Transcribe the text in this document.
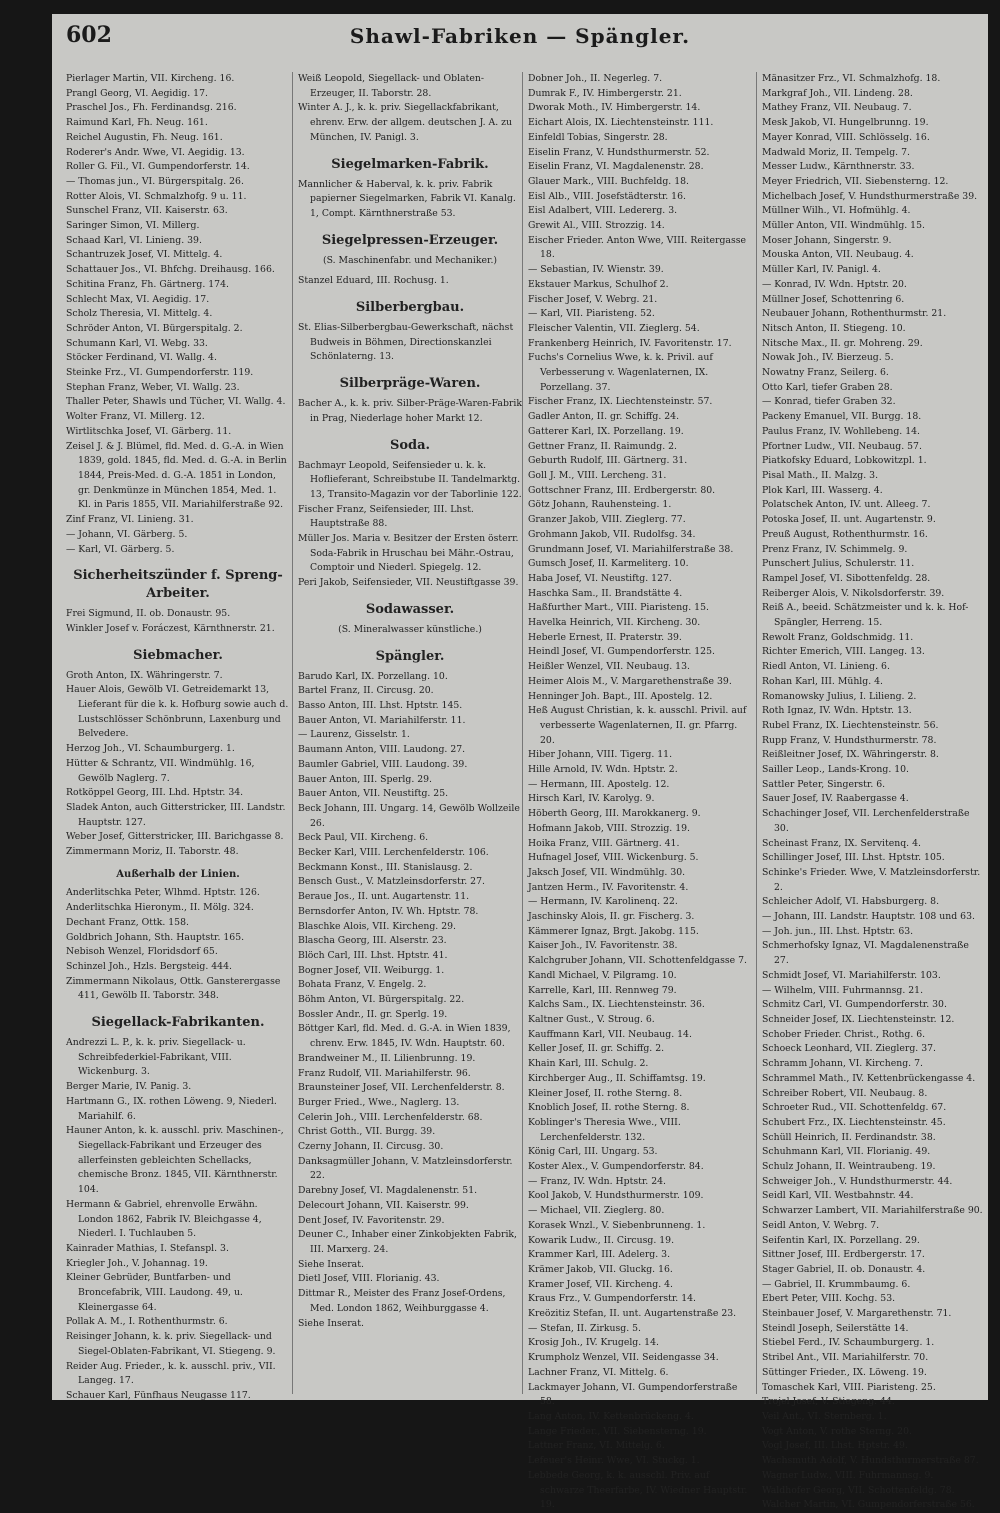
602	Shawl-Fabriken — Spängler.
Pierlager Martin, VII. Kircheng. 16.
Prangl Georg, VI. Aegidig. 17.
Praschel Jos., Fh. Ferdinandsg. 216.
Raimund Karl, Fh. Neug. 161.
Reichel Augustin, Fh. Neug. 161.
Roderer's Andr. Wwe, VI. Aegidig. 13.
Roller G. Fil., VI. Gumpendorferstr. 14.
— Thomas jun., VI. Bürgerspitalg. 26.
Rotter Alois, VI. Schmalzhofg. 9 u. 11.
Sunschel Franz, VII. Kaiserstr. 63.
Saringer Simon, VI. Millerg.
Schaad Karl, VI. Linieng. 39.
Schantruzek Josef, VI. Mittelg. 4.
Schattauer Jos., VI. Bhfchg. Dreihausg. 166.
Schitina Franz, Fh. Gärtnerg. 174.
Schlecht Max, VI. Aegidig. 17.
Scholz Theresia, VI. Mittelg. 4.
Schröder Anton, VI. Bürgerspitalg. 2.
Schumann Karl, VI. Webg. 33.
Stöcker Ferdinand, VI. Wallg. 4.
Steinke Frz., VI. Gumpendorferstr. 119.
Stephan Franz, Weber, VI. Wallg. 23.
Thaller Peter, Shawls und Tücher, VI. Wallg. 4.
Wolter Franz, VI. Millerg. 12.
Wirtlitschka Josef, VI. Gärberg. 11.
Zeisel J. & J. Blümel, fld. Med. d. G.-A. in Wien 1839, gold. 1845, fld. Med. d. G.-A. in Berlin 1844, Preis-Med. d. G.-A. 1851 in London, gr. Denkmünze in München 1854, Med. 1. Kl. in Paris 1855, VII. Mariahilferstraße 92.
Zinf Franz, VI. Linieng. 31.
— Johann, VI. Gärberg. 5.
— Karl, VI. Gärberg. 5.
Sicherheitszünder f. Spreng-Arbeiter.
Frei Sigmund, II. ob. Donaustr. 95.
Winkler Josef v. Foráczest, Kärnthnerstr. 21.
Siebmacher.
Groth Anton, IX. Währingerstr. 7.
Hauer Alois, Gewölb VI. Getreidemarkt 13, Lieferant für die k. k. Hofburg sowie auch d. Lustschlösser Schönbrunn, Laxenburg und Belvedere.
Herzog Joh., VI. Schaumburgerg. 1.
Hütter & Schrantz, VII. Windmühlg. 16, Gewölb Naglerg. 7.
Rotköppel Georg, III. Lhd. Hptstr. 34.
Sladek Anton, auch Gitterstricker, III. Landstr. Hauptstr. 127.
Weber Josef, Gitterstricker, III. Barichgasse 8.
Zimmermann Moriz, II. Taborstr. 48.
Außerhalb der Linien.
Anderlitschka Peter, Wlhmd. Hptstr. 126.
Anderlitschka Hieronym., II. Mölg. 324.
Dechant Franz, Ottk. 158.
Goldbrich Johann, Sth. Hauptstr. 165.
Nebisoh Wenzel, Floridsdorf 65.
Schinzel Joh., Hzls. Bergsteig. 444.
Zimmermann Nikolaus, Ottk. Gansterergasse 411, Gewölb II. Taborstr. 348.
Siegellack-Fabrikanten.
Andrezzi L. P., k. k. priv. Siegellack- u. Schreibfederkiel-Fabrikant, VIII. Wickenburg. 3.
Berger Marie, IV. Panig. 3.
Hartmann G., IX. rothen Löweng. 9, Niederl. Mariahilf. 6.
Hauner Anton, k. k. ausschl. priv. Maschinen-, Siegellack-Fabrikant und Erzeuger des allerfeinsten gebleichten Schellacks, chemische Bronz. 1845, VII. Kärnthnerstr. 104.
Hermann & Gabriel, ehrenvolle Erwähn. London 1862, Fabrik IV. Bleichgasse 4, Niederl. I. Tuchlauben 5.
Kainrader Mathias, I. Stefanspl. 3.
Kriegler Joh., V. Johannag. 19.
Kleiner Gebrüder, Buntfarben- und Broncefabrik, VIII. Laudong. 49, u. Kleinergasse 64.
Pollak A. M., I. Rothenthurmstr. 6.
Reisinger Johann, k. k. priv. Siegellack- und Siegel-Oblaten-Fabrikant, VI. Stiegeng. 9.
Reider Aug. Frieder., k. k. ausschl. priv., VII. Langeg. 17.
Schauer Karl, Fünfhaus Neugasse 117.
Weiß Leopold, Siegellack- und Oblaten-Erzeuger, II. Taborstr. 28.
Winter A. J., k. k. priv. Siegellackfabrikant, ehrenv. Erw. der allgem. deutschen J. A. zu München, IV. Panigl. 3.
Siegelmarken-Fabrik.
Mannlicher & Haberval, k. k. priv. Fabrik papierner Siegelmarken, Fabrik VI. Kanalg. 1, Compt. Kärnthnerstraße 53.
Siegelpressen-Erzeuger.
(S. Maschinenfabr. und Mechaniker.)
Stanzel Eduard, III. Rochusg. 1.
Silberbergbau.
St. Elias-Silberbergbau-Gewerkschaft, nächst Budweis in Böhmen, Directionskanzlei Schönlaterng. 13.
Silberpräge-Waren.
Bacher A., k. k. priv. Silber-Präge-Waren-Fabrik in Prag, Niederlage hoher Markt 12.
Soda.
Bachmayr Leopold, Seifensieder u. k. k. Hoflieferant, Schreibstube II. Tandelmarktg. 13, Transito-Magazin vor der Taborlinie 122.
Fischer Franz, Seifensieder, III. Lhst. Hauptstraße 88.
Müller Jos. Maria v. Besitzer der Ersten österr. Soda-Fabrik in Hruschau bei Mähr.-Ostrau, Comptoir und Niederl. Spiegelg. 12.
Peri Jakob, Seifensieder, VII. Neustiftgasse 39.
Sodawasser.
(S. Mineralwasser künstliche.)
Spängler.
Barudo Karl, IX. Porzellang. 10.
Bartel Franz, II. Circusg. 20.
Basso Anton, III. Lhst. Hptstr. 145.
Bauer Anton, VI. Mariahilferstr. 11.
— Laurenz, Gisselstr. 1.
Baumann Anton, VIII. Laudong. 27.
Baumler Gabriel, VIII. Laudong. 39.
Bauer Anton, III. Sperlg. 29.
Bauer Anton, VII. Neustiftg. 25.
Beck Johann, III. Ungarg. 14, Gewölb Wollzeile 26.
Beck Paul, VII. Kircheng. 6.
Becker Karl, VIII. Lerchenfelderstr. 106.
Beckmann Konst., III. Stanislausg. 2.
Bensch Gust., V. Matzleinsdorferstr. 27.
Beraue Jos., II. unt. Augartenstr. 11.
Bernsdorfer Anton, IV. Wh. Hptstr. 78.
Blaschke Alois, VII. Kircheng. 29.
Blascha Georg, III. Alserstr. 23.
Blöch Carl, III. Lhst. Hptstr. 41.
Bogner Josef, VII. Weiburgg. 1.
Bohata Franz, V. Engelg. 2.
Böhm Anton, VI. Bürgerspitalg. 22.
Bossler Andr., II. gr. Sperlg. 19.
Böttger Karl, fld. Med. d. G.-A. in Wien 1839, chrenv. Erw. 1845, IV. Wdn. Hauptstr. 60.
Brandweiner M., II. Lilienbrunng. 19.
Franz Rudolf, VII. Mariahilferstr. 96.
Braunsteiner Josef, VII. Lerchenfelderstr. 8.
Burger Fried., Wwe., Naglerg. 13.
Celerin Joh., VIII. Lerchenfelderstr. 68.
Christ Gotth., VII. Burgg. 39.
Czerny Johann, II. Circusg. 30.
Danksagmüller Johann, V. Matzleinsdorferstr. 22.
Darebny Josef, VI. Magdalenenstr. 51.
Delecourt Johann, VII. Kaiserstr. 99.
Dent Josef, IV. Favoritenstr. 29.
Deuner C., Inhaber einer Zinkobjekten Fabrik, III. Marxerg. 24.
Siehe Inserat.
Dietl Josef, VIII. Florianig. 43.
Dittmar R., Meister des Franz Josef-Ordens, Med. London 1862, Weihburggasse 4.
Siehe Inserat.
Dobner Joh., II. Negerleg. 7.
Dumrak F., IV. Himbergerstr. 21.
Dworak Moth., IV. Himbergerstr. 14.
Eichart Alois, IX. Liechtensteinstr. 111.
Einfeldl Tobias, Singerstr. 28.
Eiselin Franz, V. Hundsthurmerstr. 52.
Eiselin Franz, VI. Magdalenenstr. 28.
Glauer Mark., VIII. Buchfeldg. 18.
Eisl Alb., VIII. Josefstädterstr. 16.
Eisl Adalbert, VIII. Ledererg. 3.
Grewit Al., VIII. Strozzig. 14.
Eischer Frieder. Anton Wwe, VIII. Reitergasse 18.
— Sebastian, IV. Wienstr. 39.
Ekstauer Markus, Schulhof 2.
Fischer Josef, V. Webrg. 21.
— Karl, VII. Piaristeng. 52.
Fleischer Valentin, VII. Zieglerg. 54.
Frankenberg Heinrich, IV. Favoritenstr. 17.
Fuchs's Cornelius Wwe, k. k. Privil. auf Verbesserung v. Wagenlaternen, IX. Porzellang. 37.
Fischer Franz, IX. Liechtensteinstr. 57.
Gadler Anton, II. gr. Schiffg. 24.
Gatterer Karl, IX. Porzellang. 19.
Gettner Franz, II. Raimundg. 2.
Geburth Rudolf, III. Gärtnerg. 31.
Goll J. M., VIII. Lercheng. 31.
Gottschner Franz, III. Erdbergerstr. 80.
Götz Johann, Rauhensteing. 1.
Granzer Jakob, VIII. Zieglerg. 77.
Grohmann Jakob, VII. Rudolfsg. 34.
Grundmann Josef, VI. Mariahilferstraße 38.
Gumsch Josef, II. Karmeliterg. 10.
Haba Josef, VI. Neustiftg. 127.
Haschka Sam., II. Brandstätte 4.
Haßfurther Mart., VIII. Piaristeng. 15.
Havelka Heinrich, VII. Kircheng. 30.
Heberle Ernest, II. Praterstr. 39.
Heindl Josef, VI. Gumpendorferstr. 125.
Heißler Wenzel, VII. Neubaug. 13.
Heimer Alois M., V. Margarethenstraße 39.
Henninger Joh. Bapt., III. Apostelg. 12.
Heß August Christian, k. k. ausschl. Privil. auf verbesserte Wagenlaternen, II. gr. Pfarrg. 20.
Hiber Johann, VIII. Tigerg. 11.
Hille Arnold, IV. Wdn. Hptstr. 2.
— Hermann, III. Apostelg. 12.
Hirsch Karl, IV. Karolyg. 9.
Höberth Georg, III. Marokkanerg. 9.
Hofmann Jakob, VIII. Strozzig. 19.
Hoika Franz, VIII. Gärtnerg. 41.
Hufnagel Josef, VIII. Wickenburg. 5.
Jaksch Josef, VII. Windmühlg. 30.
Jantzen Herm., IV. Favoritenstr. 4.
— Hermann, IV. Karolinenq. 22.
Jaschinsky Alois, II. gr. Fischerg. 3.
Kämmerer Ignaz, Brgt. Jakobg. 115.
Kaiser Joh., IV. Favoritenstr. 38.
Kalchgruber Johann, VII. Schottenfeldgasse 7.
Kandl Michael, V. Pilgramg. 10.
Karrelle, Karl, III. Rennweg 79.
Kalchs Sam., IX. Liechtensteinstr. 36.
Kaltner Gust., V. Stroug. 6.
Kauffmann Karl, VII. Neubaug. 14.
Keller Josef, II. gr. Schiffg. 2.
Khain Karl, III. Schulg. 2.
Kirchberger Aug., II. Schiffamtsg. 19.
Kleiner Josef, II. rothe Sterng. 8.
Knoblich Josef, II. rothe Sterng. 8.
Koblinger's Theresia Wwe., VIII. Lerchenfelderstr. 132.
König Carl, III. Ungarg. 53.
Koster Alex., V. Gumpendorferstr. 84.
— Franz, IV. Wdn. Hptstr. 24.
Kool Jakob, V. Hundsthurmerstr. 109.
— Michael, VII. Zieglerg. 80.
Korasek Wnzl., V. Siebenbrunneng. 1.
Kowarik Ludw., II. Circusg. 19.
Krammer Karl, III. Adelerg. 3.
Krämer Jakob, VII. Gluckg. 16.
Kramer Josef, VII. Kircheng. 4.
Kraus Frz., V. Gumpendorferstr. 14.
Kreözitiz Stefan, II. unt. Augartenstraße 23.
— Stefan, II. Zirkusg. 5.
Krosig Joh., IV. Krugelg. 14.
Krumpholz Wenzel, VII. Seidengasse 34.
Lachner Franz, VI. Mittelg. 6.
Lackmayer Johann, VI. Gumpendorferstraße 58.
Lang Anton, IV. Kettenbrückeng. 4.
Lange Frieder., VII. Siebensterng. 19.
Lattner Franz, VI. Mittelg. 6.
Lefeuer's Heinr. Wwe, VI. Stuckg. 1.
Lebbede Georg, k. k. ausschl. Priv. auf schwarze Theerfarbe, IV. Wiedner Hauptstr. 19.
Mänasitzer Frz., VI. Schmalzhofg. 18.
Markgraf Joh., VII. Lindeng. 28.
Mathey Franz, VII. Neubaug. 7.
Mesk Jakob, VI. Hungelbrunng. 19.
Mayer Konrad, VIII. Schlösselg. 16.
Madwald Moriz, II. Tempelg. 7.
Messer Ludw., Kärnthnerstr. 33.
Meyer Friedrich, VII. Siebensterng. 12.
Michelbach Josef, V. Hundsthurmerstraße 39.
Müllner Wilh., VI. Hofmühlg. 4.
Müller Anton, VII. Windmühlg. 15.
Moser Johann, Singerstr. 9.
Mouska Anton, VII. Neubaug. 4.
Müller Karl, IV. Panigl. 4.
— Konrad, IV. Wdn. Hptstr. 20.
Müllner Josef, Schottenring 6.
Neubauer Johann, Rothenthurmstr. 21.
Nitsch Anton, II. Stiegeng. 10.
Nitsche Max., II. gr. Mohreng. 29.
Nowak Joh., IV. Bierzeug. 5.
Nowatny Franz, Seilerg. 6.
Otto Karl, tiefer Graben 28.
— Konrad, tiefer Graben 32.
Packeny Emanuel, VII. Burgg. 18.
Paulus Franz, IV. Wohllebeng. 14.
Pfortner Ludw., VII. Neubaug. 57.
Piatkofsky Eduard, Lobkowitzpl. 1.
Pisal Math., II. Malzg. 3.
Plok Karl, III. Wasserg. 4.
Polatschek Anton, IV. unt. Alleeg. 7.
Potoska Josef, II. unt. Augartenstr. 9.
Preuß August, Rothenthurmstr. 16.
Prenz Franz, IV. Schimmelg. 9.
Punschert Julius, Schulerstr. 11.
Rampel Josef, VI. Sibottenfeldg. 28.
Reiberger Alois, V. Nikolsdorferstr. 39.
Reiß A., beeid. Schätzmeister und k. k. Hof-Spängler, Herreng. 15.
Rewolt Franz, Goldschmidg. 11.
Richter Emerich, VIII. Langeg. 13.
Riedl Anton, VI. Linieng. 6.
Rohan Karl, III. Mühlg. 4.
Romanowsky Julius, I. Lilieng. 2.
Roth Ignaz, IV. Wdn. Hptstr. 13.
Rubel Franz, IX. Liechtensteinstr. 56.
Rupp Franz, V. Hundsthurmerstr. 78.
Reißleitner Josef, IX. Währingerstr. 8.
Sailler Leop., Lands-Krong. 10.
Sattler Peter, Singerstr. 6.
Sauer Josef, IV. Raabergasse 4.
Schachinger Josef, VII. Lerchenfelderstraße 30.
Scheinast Franz, IX. Servitenq. 4.
Schillinger Josef, III. Lhst. Hptstr. 105.
Schinke's Frieder. Wwe, V. Matzleinsdorferstr. 2.
Schleicher Adolf, VI. Habsburgerg. 8.
— Johann, III. Landstr. Hauptstr. 108 und 63.
— Joh. jun., III. Lhst. Hptstr. 63.
Schmerhofsky Ignaz, VI. Magdalenenstraße 27.
Schmidt Josef, VI. Mariahilferstr. 103.
— Wilhelm, VIII. Fuhrmannsg. 21.
Schmitz Carl, VI. Gumpendorferstr. 30.
Schneider Josef, IX. Liechtensteinstr. 12.
Schober Frieder. Christ., Rothg. 6.
Schoeck Leonhard, VII. Zieglerg. 37.
Schramm Johann, VI. Kircheng. 7.
Schrammel Math., IV. Kettenbrückengasse 4.
Schreiber Robert, VII. Neubaug. 8.
Schroeter Rud., VII. Schottenfeldg. 67.
Schubert Frz., IX. Liechtensteinstr. 45.
Schüll Heinrich, II. Ferdinandstr. 38.
Schuhmann Karl, VII. Florianig. 49.
Schulz Johann, II. Weintraubeng. 19.
Schweiger Joh., V. Hundsthurmerstr. 44.
Seidl Karl, VII. Westbahnstr. 44.
Schwarzer Lambert, VII. Mariahilferstraße 90.
Seidl Anton, V. Webrg. 7.
Seifentin Karl, IX. Porzellang. 29.
Sittner Josef, III. Erdbergerstr. 17.
Stager Gabriel, II. ob. Donaustr. 4.
— Gabriel, II. Krummbaumg. 6.
Ebert Peter, VIII. Kochg. 53.
Steinbauer Josef, V. Margarethenstr. 71.
Steindl Joseph, Seilerstätte 14.
Stiebel Ferd., IV. Schaumburgerg. 1.
Stribel Ant., VII. Mariahilferstr. 70.
Süttinger Frieder., IX. Löweng. 19.
Tomaschek Karl, VIII. Piaristeng. 25.
Trojel Josef, V. Stiegeng. 44.
Veil Ant., VI. Sternberg. 1.
Vogt Anton, V. rothe Sterng. 20.
Vogl Josef, III. Lhst. Hptstr. 49.
Wachsmuth Adolf, V. Hundsthurmerstraße 87.
Wagner Ludw., VIII. Fuhrmannsg. 9.
Waldhofer Georg, VII. Schottenfeldg. 78.
Walcher Martin, VI. Gumpendorferstraße 56.
